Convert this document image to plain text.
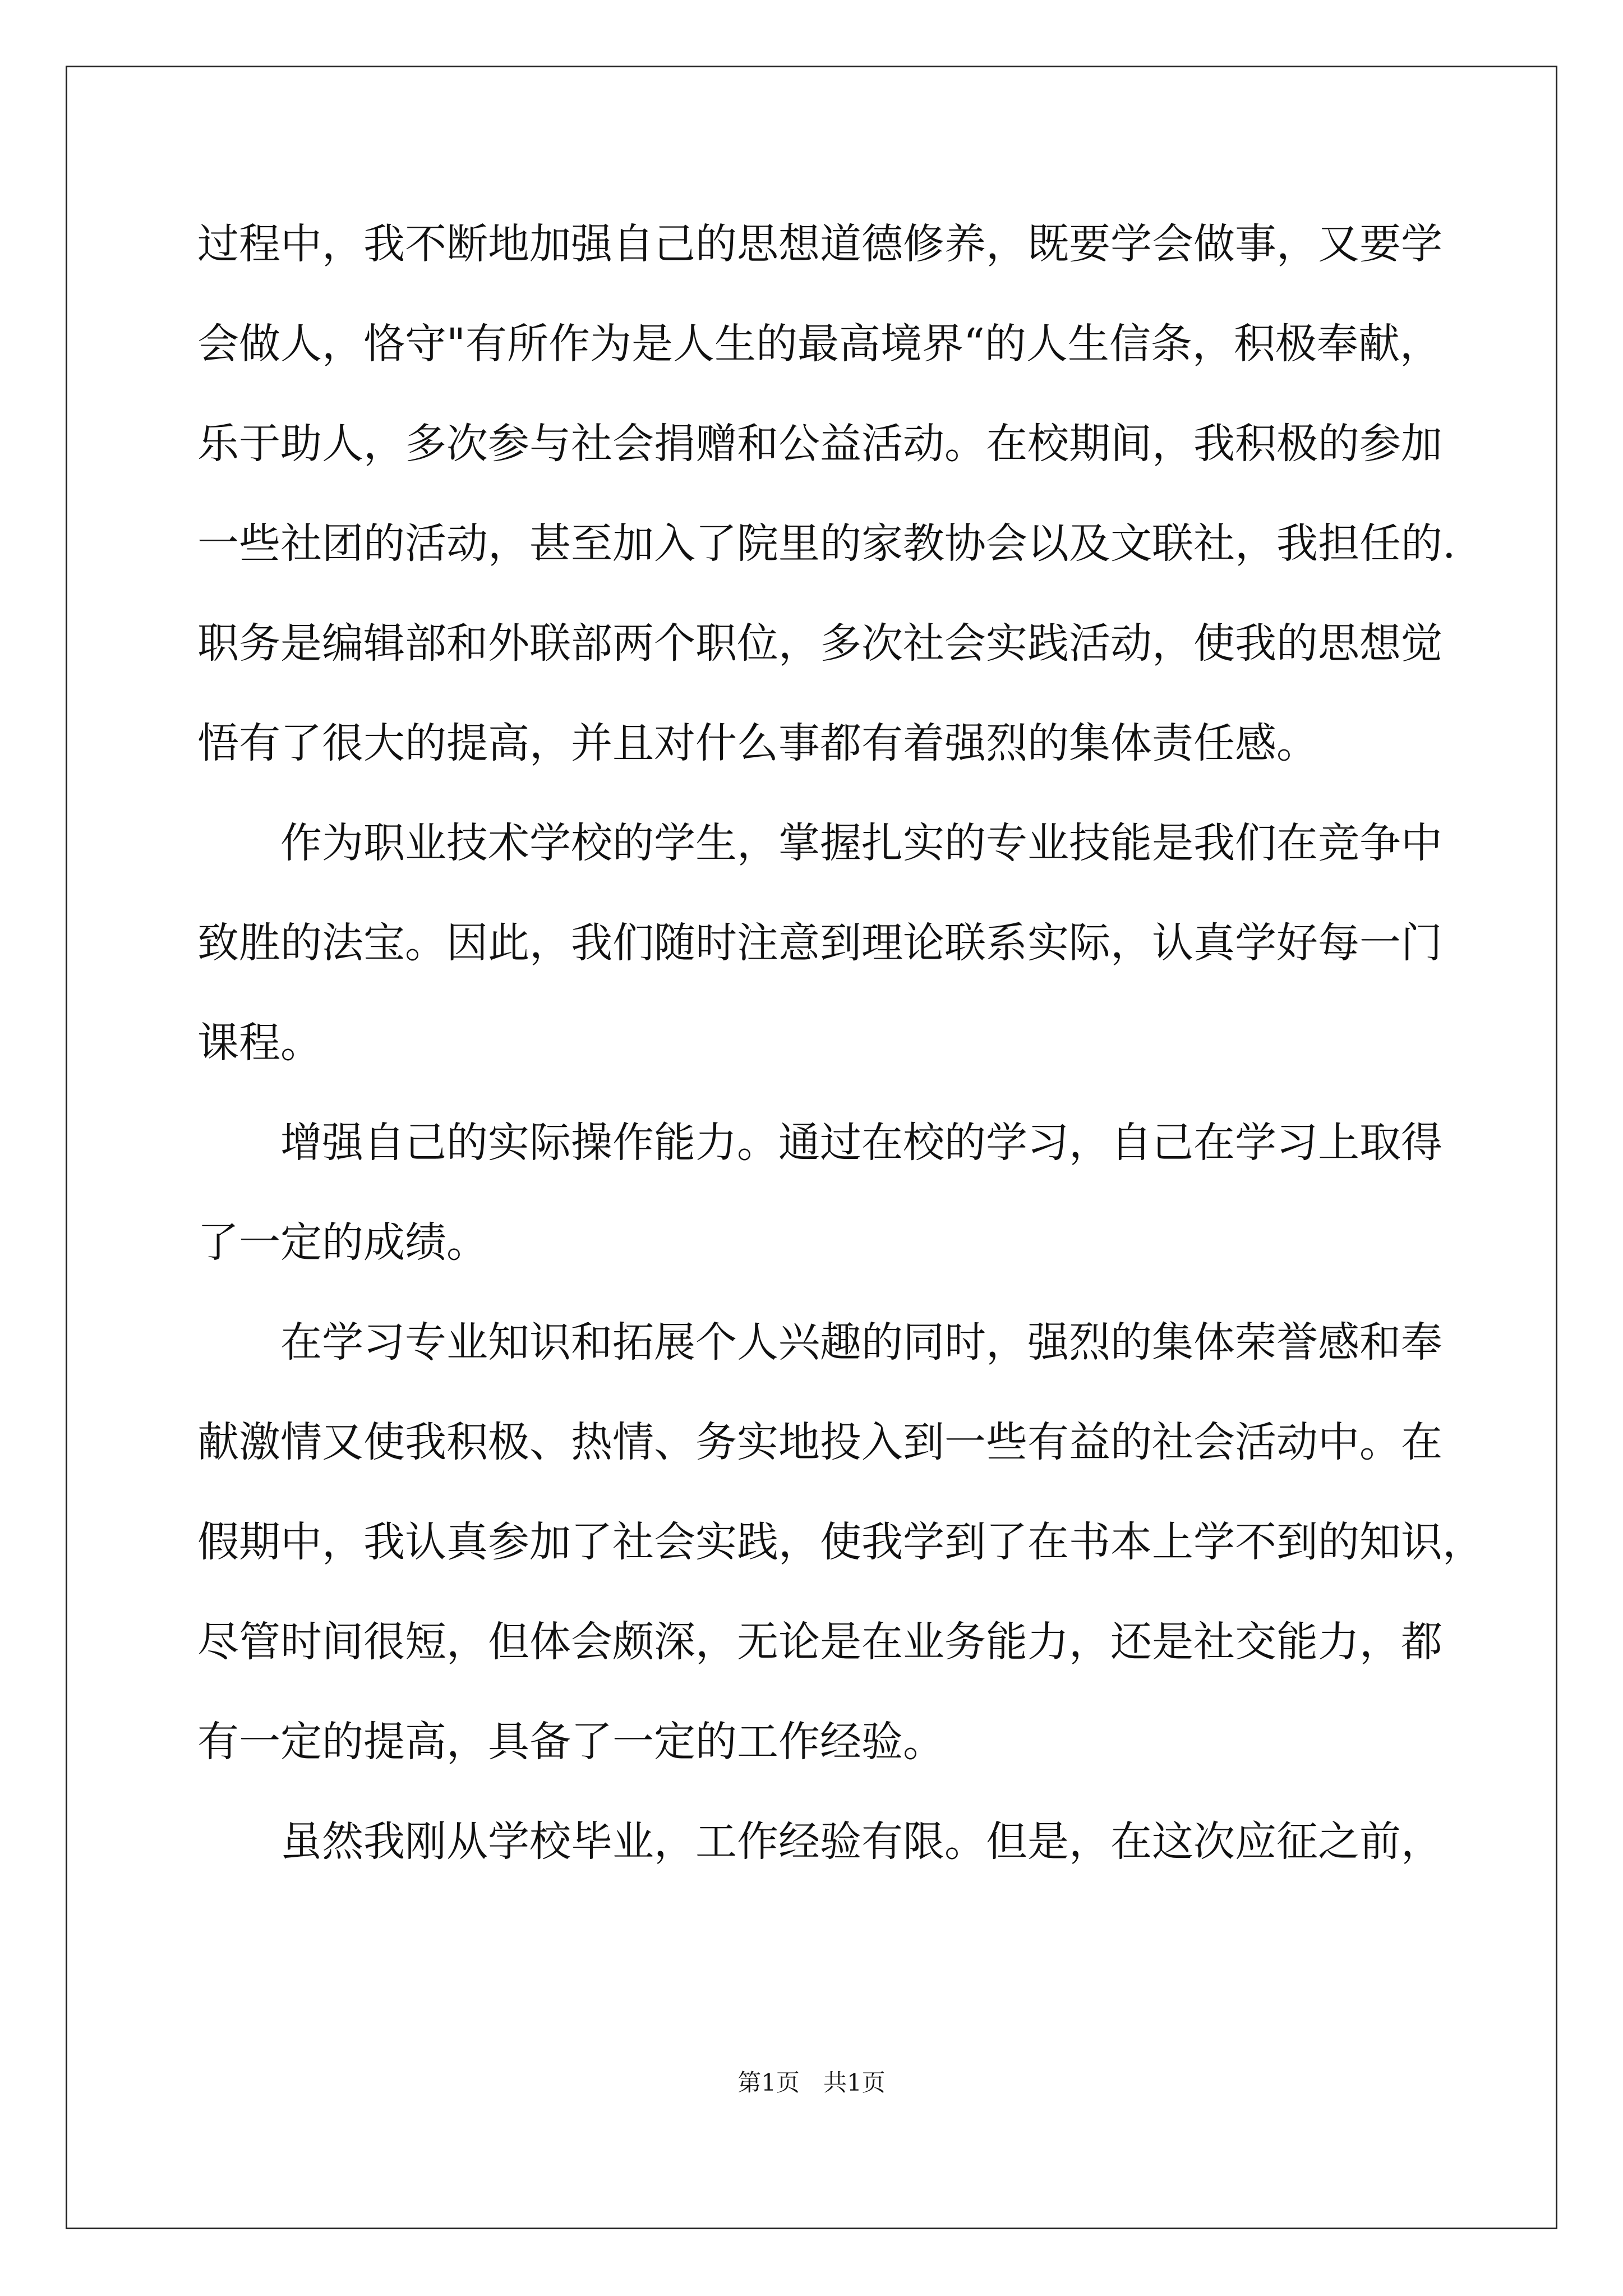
过程中，我不断地加强自己的思想道德修养，既要学会做事，又要学
会做人，恪守"有所作为是人生的最高境界“的人生信条，积极奉献，
乐于助人，多次参与社会捐赠和公益活动。在校期间，我积极的参加
一些社团的活动，甚至加入了院里的家教协会以及文联社，我担任的.
职务是编辑部和外联部两个职位，多次社会实践活动，使我的思想觉
悟有了很大的提高，并且对什么事都有着强烈的集体责任感。
　　作为职业技术学校的学生，掌握扎实的专业技能是我们在竞争中
致胜的法宝。因此，我们随时注意到理论联系实际，认真学好每一门
课程。
　　增强自己的实际操作能力。通过在校的学习，自己在学习上取得
了一定的成绩。
　　在学习专业知识和拓展个人兴趣的同时，强烈的集体荣誉感和奉
献激情又使我积极、热情、务实地投入到一些有益的社会活动中。在
假期中，我认真参加了社会实践，使我学到了在书本上学不到的知识，
尽管时间很短，但体会颇深，无论是在业务能力，还是社交能力，都
有一定的提高，具备了一定的工作经验。
　　虽然我刚从学校毕业，工作经验有限。但是，在这次应征之前，
第1页　共1页
